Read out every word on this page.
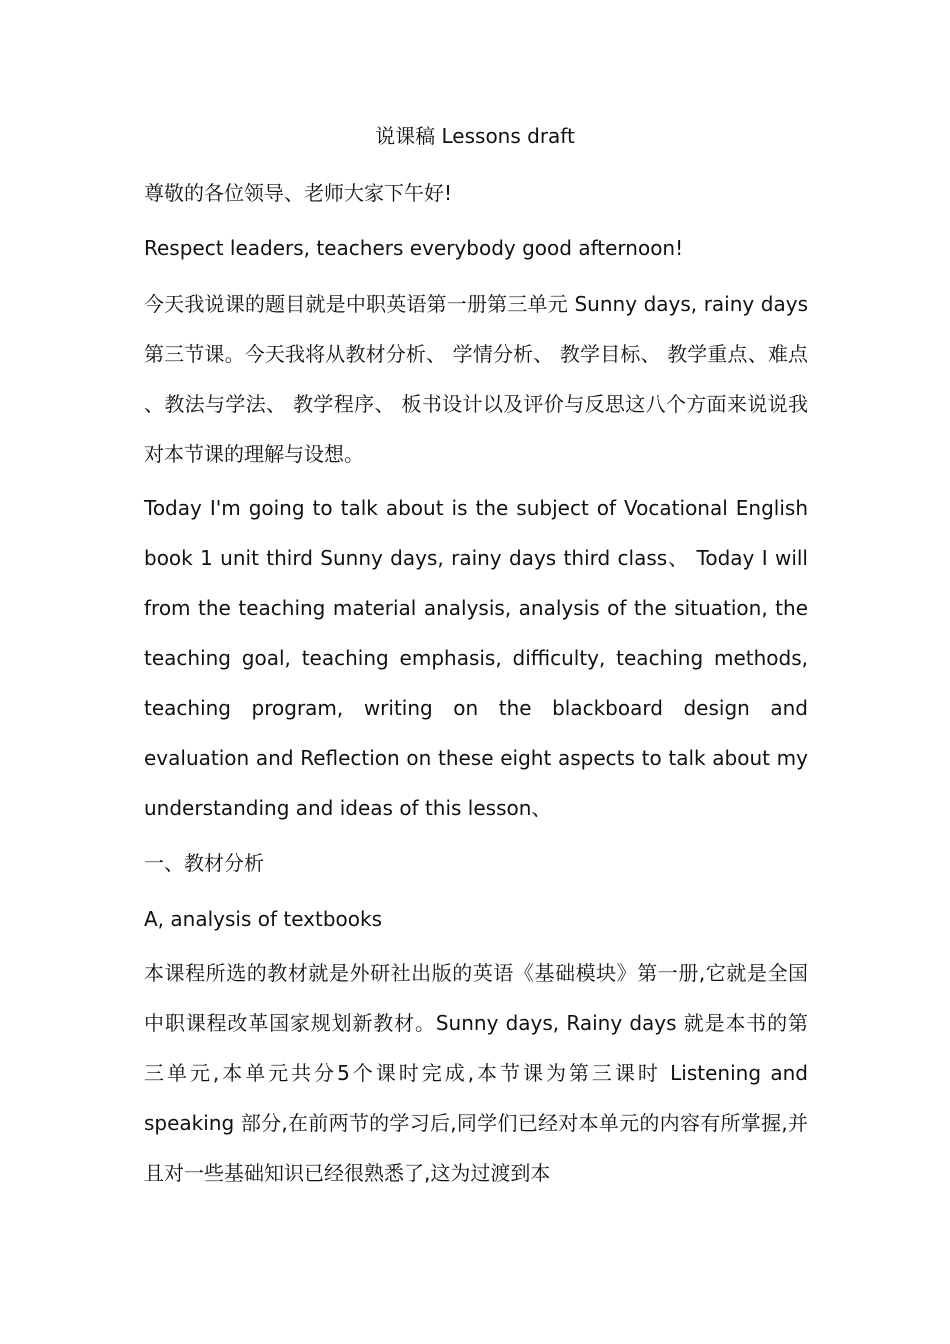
说课稿 Lessons draft
尊敬的各位领导、老师大家下午好!
Respect leaders, teachers everybody good afternoon!
今天我说课的题目就是中职英语第一册第三单元 Sunny days, rainy days 第三节课。今天我将从教材分析、 学情分析、 教学目标、 教学重点、难点 、教法与学法、 教学程序、 板书设计以及评价与反思这八个方面来说说我对本节课的理解与设想。
Today I'm going to talk about is the subject of Vocational English book 1 unit third Sunny days, rainy days third class、 Today I will from the teaching material analysis, analysis of the situation, the teaching goal, teaching emphasis, difficulty, teaching methods, teaching program, writing on the blackboard design and evaluation and Reflection on these eight aspects to talk about my understanding and ideas of this lesson、
一、教材分析
A, analysis of textbooks
本课程所选的教材就是外研社出版的英语《基础模块》第一册,它就是全国中职课程改革国家规划新教材。Sunny days, Rainy days 就是本书的第三单元,本单元共分5个课时完成,本节课为第三课时 Listening and speaking 部分,在前两节的学习后,同学们已经对本单元的内容有所掌握,并且对一些基础知识已经很熟悉了,这为过渡到本
